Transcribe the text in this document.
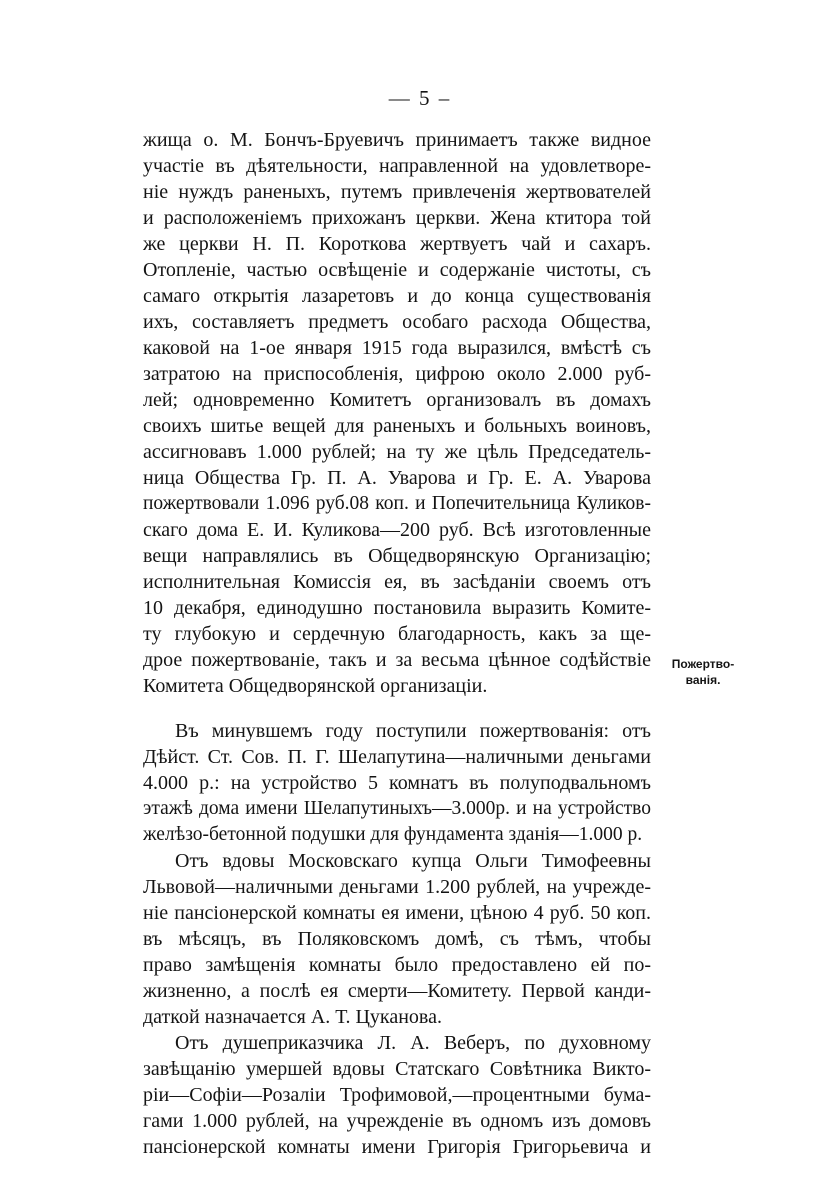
— 5 –
жища о. М. Бончъ-Бруевичъ принимаетъ также видное
участіе въ дѣятельности, направленной на удовлетворе-
ніе нуждъ раненыхъ, путемъ привлеченія жертвователей
и расположеніемъ прихожанъ церкви. Жена ктитора той
же церкви Н. П. Короткова жертвуетъ чай и сахаръ.
Отопленіе, частью освѣщеніе и содержаніе чистоты, съ
самаго открытія лазаретовъ и до конца существованія
ихъ, составляетъ предметъ особаго расхода Общества,
каковой на 1-ое января 1915 года выразился, вмѣстѣ съ
затратою на приспособленія, цифрою около 2.000 руб-
лей; одновременно Комитетъ организовалъ въ домахъ
своихъ шитье вещей для раненыхъ и больныхъ воиновъ,
ассигновавъ 1.000 рублей; на ту же цѣль Председатель-
ница Общества Гр. П. А. Уварова и Гр. Е. А. Уварова
пожертвовали 1.096 руб.08 коп. и Попечительница Куликов-
скаго дома Е. И. Куликова—200 руб. Всѣ изготовленные
вещи направлялись въ Общедворянскую Организацію;
исполнительная Комиссія ея, въ засѣданіи своемъ отъ
10 декабря, единодушно постановила выразить Комите-
ту глубокую и сердечную благодарность, какъ за ще-
дрое пожертвованіе, такъ и за весьма цѣнное содѣйствіе
Комитета Общедворянской организаціи.
Пожертво-
ванія.
Въ минувшемъ году поступили пожертвованія: отъ
Дѣйст. Ст. Сов. П. Г. Шелапутина—наличными деньгами
4.000 р.: на устройство 5 комнатъ въ полуподвальномъ
этажѣ дома имени Шелапутиныхъ—3.000р. и на устройство
желѣзо-бетонной подушки для фундамента зданія—1.000 р.
Отъ вдовы Московскаго купца Ольги Тимофеевны
Львовой—наличными деньгами 1.200 рублей, на учрежде-
ніе пансіонерской комнаты ея имени, цѣною 4 руб. 50 коп.
въ мѣсяцъ, въ Поляковскомъ домѣ, съ тѣмъ, чтобы
право замѣщенія комнаты было предоставлено ей по-
жизненно, а послѣ ея смерти—Комитету. Первой канди-
даткой назначается А. Т. Цуканова.
Отъ душеприказчика Л. А. Веберъ, по духовному
завѣщанію умершей вдовы Статскаго Совѣтника Викто-
ріи—Софіи—Розаліи Трофимовой,—процентными бума-
гами 1.000 рублей, на учрежденіе въ одномъ изъ домовъ
пансіонерской комнаты имени Григорія Григорьевича и
